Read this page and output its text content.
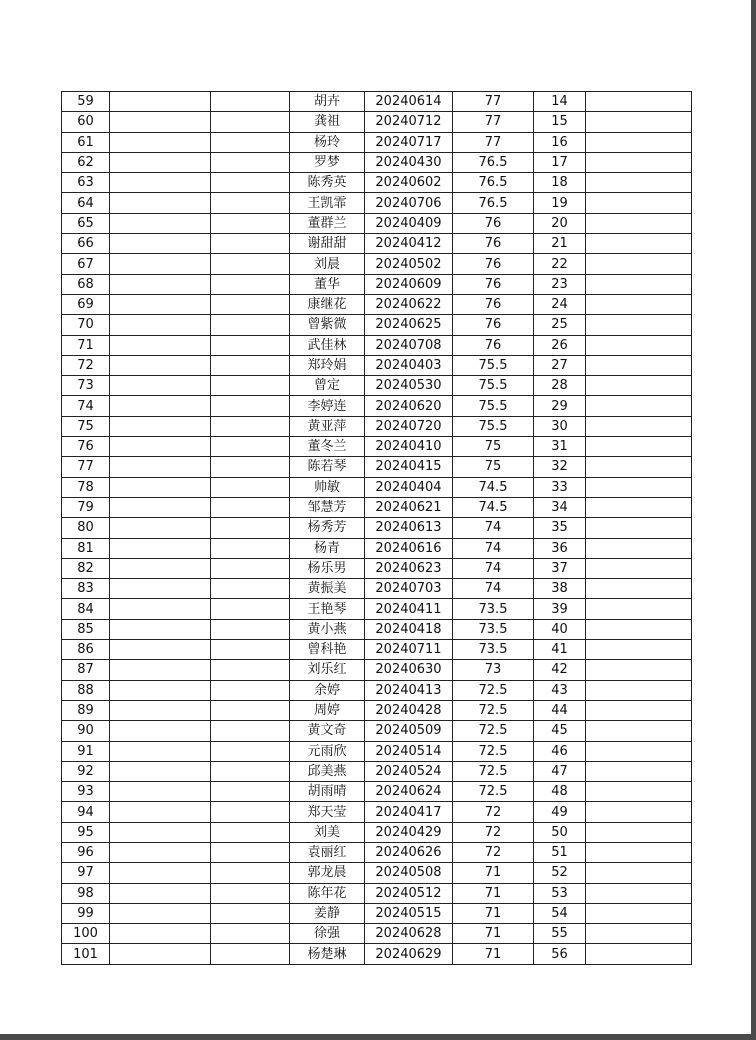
59			胡卉	20240614	77	14	
60			龚祖	20240712	77	15	
61			杨玲	20240717	77	16	
62			罗梦	20240430	76.5	17	
63			陈秀英	20240602	76.5	18	
64			王凯霏	20240706	76.5	19	
65			董群兰	20240409	76	20	
66			谢甜甜	20240412	76	21	
67			刘晨	20240502	76	22	
68			董华	20240609	76	23	
69			康继花	20240622	76	24	
70			曾紫微	20240625	76	25	
71			武佳林	20240708	76	26	
72			郑玲娟	20240403	75.5	27	
73			曾定	20240530	75.5	28	
74			李婷连	20240620	75.5	29	
75			黄亚萍	20240720	75.5	30	
76			董冬兰	20240410	75	31	
77			陈若琴	20240415	75	32	
78			帅敏	20240404	74.5	33	
79			邹慧芳	20240621	74.5	34	
80			杨秀芳	20240613	74	35	
81			杨青	20240616	74	36	
82			杨乐男	20240623	74	37	
83			黄振美	20240703	74	38	
84			王艳琴	20240411	73.5	39	
85			黄小燕	20240418	73.5	40	
86			曾科艳	20240711	73.5	41	
87			刘乐红	20240630	73	42	
88			余婷	20240413	72.5	43	
89			周婷	20240428	72.5	44	
90			黄文奇	20240509	72.5	45	
91			元雨欣	20240514	72.5	46	
92			邱美燕	20240524	72.5	47	
93			胡雨晴	20240624	72.5	48	
94			郑天莹	20240417	72	49	
95			刘美	20240429	72	50	
96			袁丽红	20240626	72	51	
97			郭龙晨	20240508	71	52	
98			陈年花	20240512	71	53	
99			姜静	20240515	71	54	
100			徐强	20240628	71	55	
101			杨楚琳	20240629	71	56	
